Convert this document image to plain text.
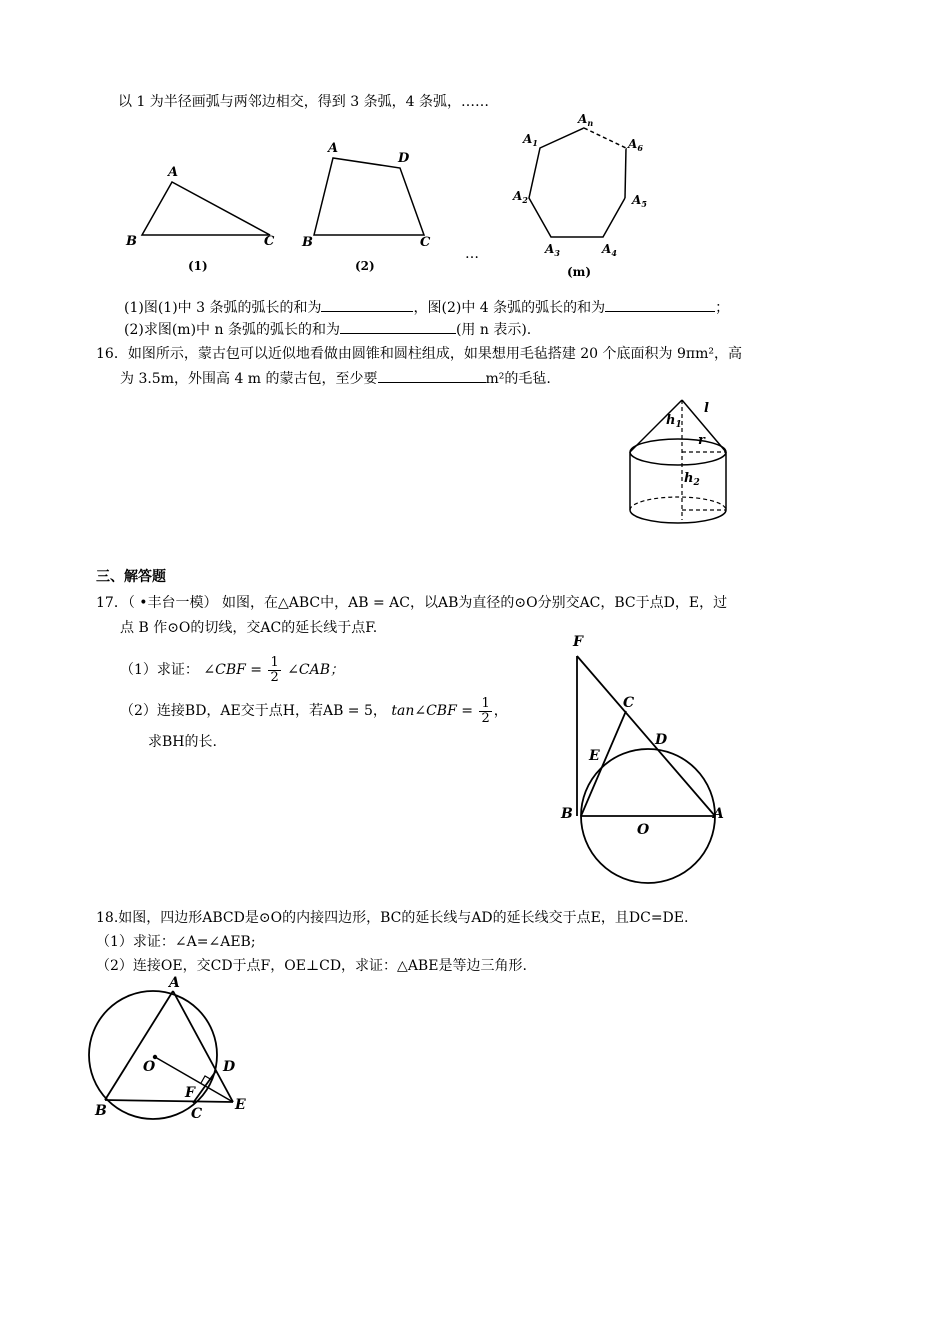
以 1 为半径画弧与两邻边相交，得到 3 条弧，4 条弧，……
A
B	C
(1)
A
D
B	C
(2)
…
$A_n$
$A_1$	$A_6$
$A_2$	$A_5$
$A_3$	$A_4$
(m)
(1)图(1)中 3 条弧的弧长的和为	，图(2)中 4 条弧的弧长的和为	；
(2)求图(m)中 n 条弧的弧长的和为	(用 n 表示).
16．如图所示，蒙古包可以近似地看做由圆锥和圆柱组成，如果想用毛毡搭建 20 个底面积为 9πm²，高
为 3.5m，外围高 4 m 的蒙古包，至少要	m²的毛毡.
$h_1$
l
r
$h_2$
三、解答题
17．（ •丰台一模） 如图，在△ABC中，AB = AC，以AB为直径的⊙O分别交AC，BC于点D，E，过
点 B 作⊙O的切线，交AC的延长线于点F.
（1）求证： ∠CBF = $\frac{1}{2}$ ∠CAB；
（2）连接BD，AE交于点H，若AB = 5， tan∠CBF = $\frac{1}{2}$ ，
求BH的长.
F
C
D
E
B
O
A
18.如图，四边形ABCD是⊙O的内接四边形，BC的延长线与AD的延长线交于点E，且DC=DE.
（1）求证：∠A=∠AEB;
（2）连接OE，交CD于点F，OE⊥CD，求证：△ABE是等边三角形.
A
O	D
F
B	C
E
